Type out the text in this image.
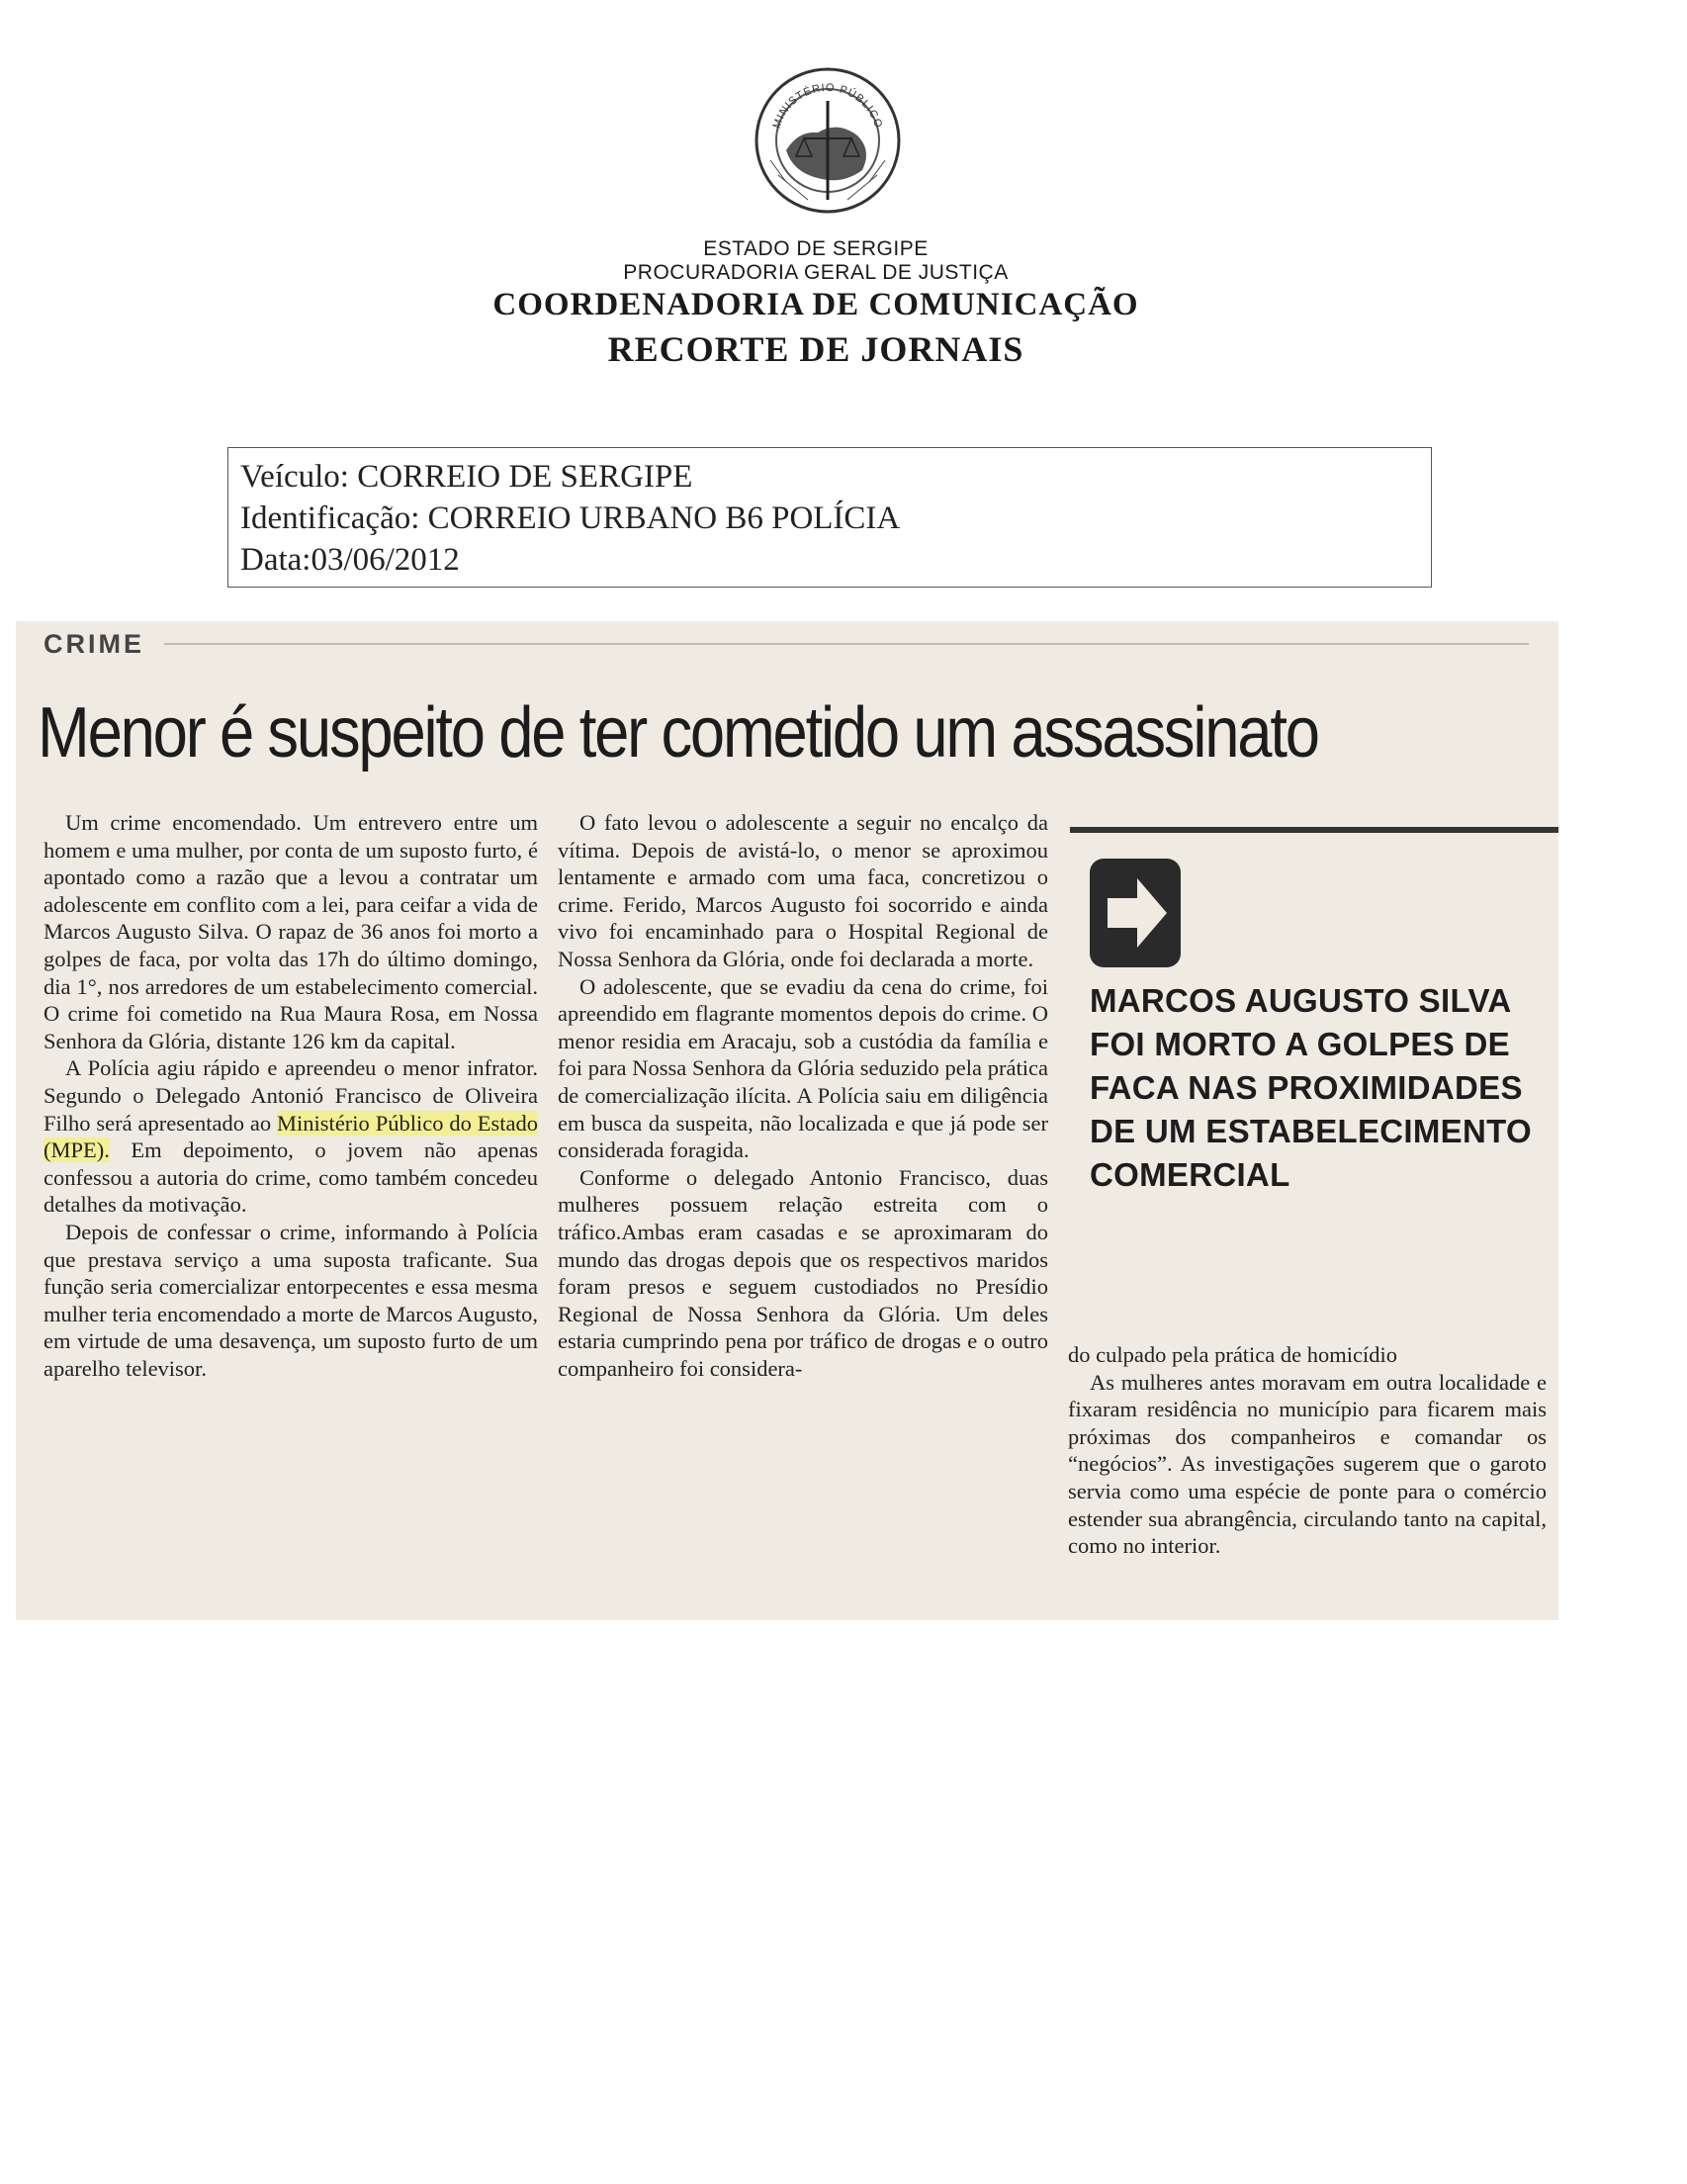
MINISTÉRIO PÚBLICO
ESTADO DE SERGIPE
PROCURADORIA GERAL DE JUSTIÇA
COORDENADORIA DE COMUNICAÇÃO
RECORTE DE JORNAIS
Veículo: CORREIO DE SERGIPE
Identificação: CORREIO URBANO B6 POLÍCIA
Data:03/06/2012
CRIME
Menor é suspeito de ter cometido um assassinato

Um crime encomendado. Um entrevero entre um homem e uma mulher, por conta de um suposto furto, é apontado como a razão que a levou a contratar um adolescente em conflito com a lei, para ceifar a vida de Marcos Augusto Silva. O rapaz de 36 anos foi morto a golpes de faca, por volta das 17h do último domingo, dia 1°, nos arredores de um estabelecimento comercial. O crime foi cometido na Rua Maura Rosa, em Nossa Senhora da Glória, distante 126 km da capital.

A Polícia agiu rápido e apreendeu o menor infrator. Segundo o Delegado Antonió Francisco de Oliveira Filho será apresentado ao Ministério Público do Estado (MPE). Em depoimento, o jovem não apenas confessou a autoria do crime, como também concedeu detalhes da motivação.

Depois de confessar o crime, informando à Polícia que prestava serviço a uma suposta traficante. Sua função seria comercializar entorpecentes e essa mesma mulher teria encomendado a morte de Marcos Augusto, em virtude de uma desavença, um suposto furto de um aparelho televisor.

O fato levou o adolescente a seguir no encalço da vítima. Depois de avistá-lo, o menor se aproximou lentamente e armado com uma faca, concretizou o crime. Ferido, Marcos Augusto foi socorrido e ainda vivo foi encaminhado para o Hospital Regional de Nossa Senhora da Glória, onde foi declarada a morte.

O adolescente, que se evadiu da cena do crime, foi apreendido em flagrante momentos depois do crime. O menor residia em Aracaju, sob a custódia da família e foi para Nossa Senhora da Glória seduzido pela prática de comercialização ilícita. A Polícia saiu em diligência em busca da suspeita, não localizada e que já pode ser considerada foragida.

Conforme o delegado Antonio Francisco, duas mulheres possuem relação estreita com o tráfico.Ambas eram casadas e se aproximaram do mundo das drogas depois que os respectivos maridos foram presos e seguem custodiados no Presídio Regional de Nossa Senhora da Glória. Um deles estaria cumprindo pena por tráfico de drogas e o outro companheiro foi considera-

MARCOS AUGUSTO SILVA FOI MORTO A GOLPES DE FACA NAS PROXIMIDADES DE UM ESTABELECIMENTO COMERCIAL

do culpado pela prática de homicídio

As mulheres antes moravam em outra localidade e fixaram residência no município para ficarem mais próximas dos companheiros e comandar os “negócios”. As investigações sugerem que o garoto servia como uma espécie de ponte para o comércio estender sua abrangência, circulando tanto na capital, como no interior.
